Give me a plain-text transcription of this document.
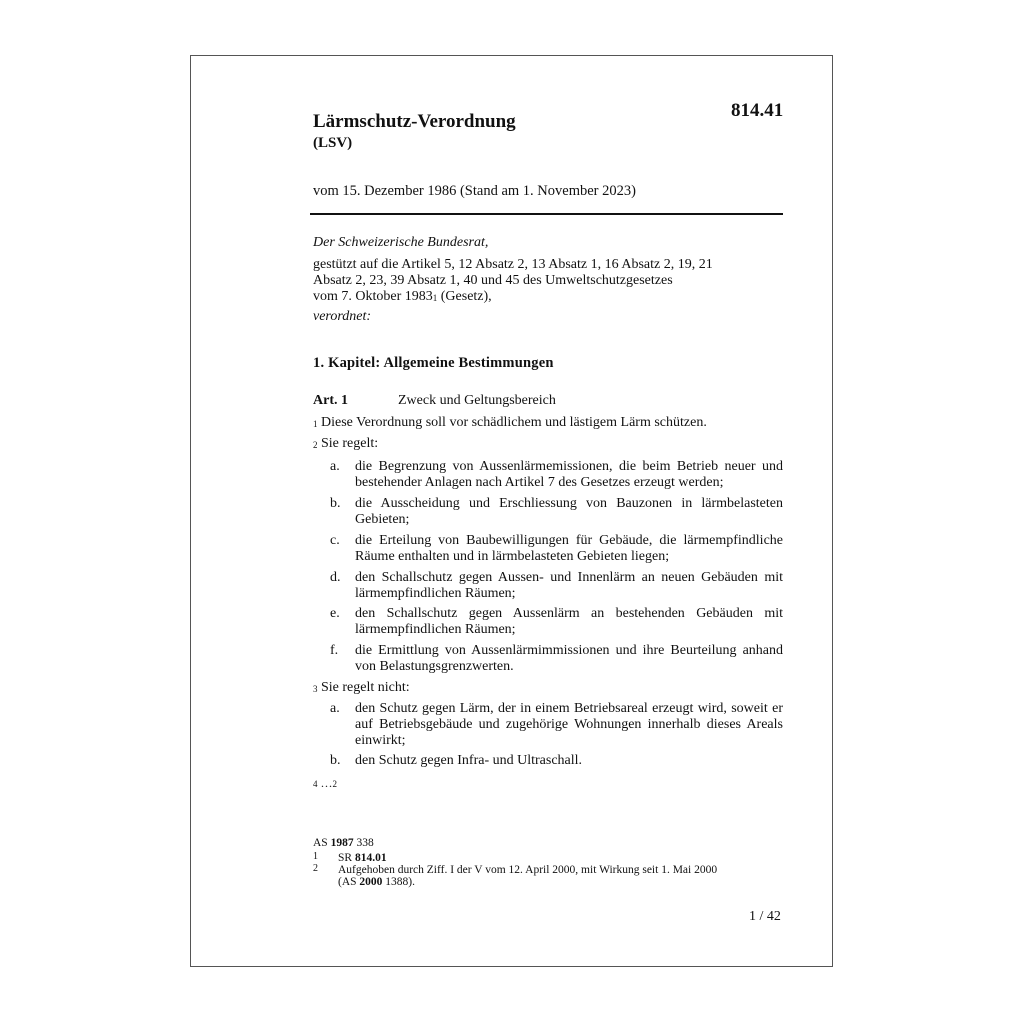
814.41
Lärmschutz-Verordnung
(LSV)
vom 15. Dezember 1986 (Stand am 1. November 2023)
Der Schweizerische Bundesrat,
gestützt auf die Artikel 5, 12 Absatz 2, 13 Absatz 1, 16 Absatz 2, 19, 21
Absatz 2, 23, 39 Absatz 1, 40 und 45 des Umweltschutzgesetzes
vom 7. Oktober 1983$^1$ (Gesetz),
verordnet:
1. Kapitel: Allgemeine Bestimmungen
Art. 1	Zweck und Geltungsbereich
$^1$ Diese Verordnung soll vor schädlichem und lästigem Lärm schützen.
$^2$ Sie regelt:
a. die Begrenzung von Aussenlärmemissionen, die beim Betrieb neuer und bestehender Anlagen nach Artikel 7 des Gesetzes erzeugt werden;
b. die Ausscheidung und Erschliessung von Bauzonen in lärmbelasteten Gebieten;
c. die Erteilung von Baubewilligungen für Gebäude, die lärmempfindliche Räume enthalten und in lärmbelasteten Gebieten liegen;
d. den Schallschutz gegen Aussen- und Innenlärm an neuen Gebäuden mit lärmempfindlichen Räumen;
e. den Schallschutz gegen Aussenlärm an bestehenden Gebäuden mit lärmempfindlichen Räumen;
f. die Ermittlung von Aussenlärmimmissionen und ihre Beurteilung anhand von Belastungsgrenzwerten.
$^3$ Sie regelt nicht:
a. den Schutz gegen Lärm, der in einem Betriebsareal erzeugt wird, soweit er auf Betriebsgebäude und zugehörige Wohnungen innerhalb dieses Areals einwirkt;
b. den Schutz gegen Infra- und Ultraschall.
$^4$ …$^2$
AS 1987 338
1 SR 814.01
2 Aufgehoben durch Ziff. I der V vom 12. April 2000, mit Wirkung seit 1. Mai 2000
(AS 2000 1388).
1 / 42
